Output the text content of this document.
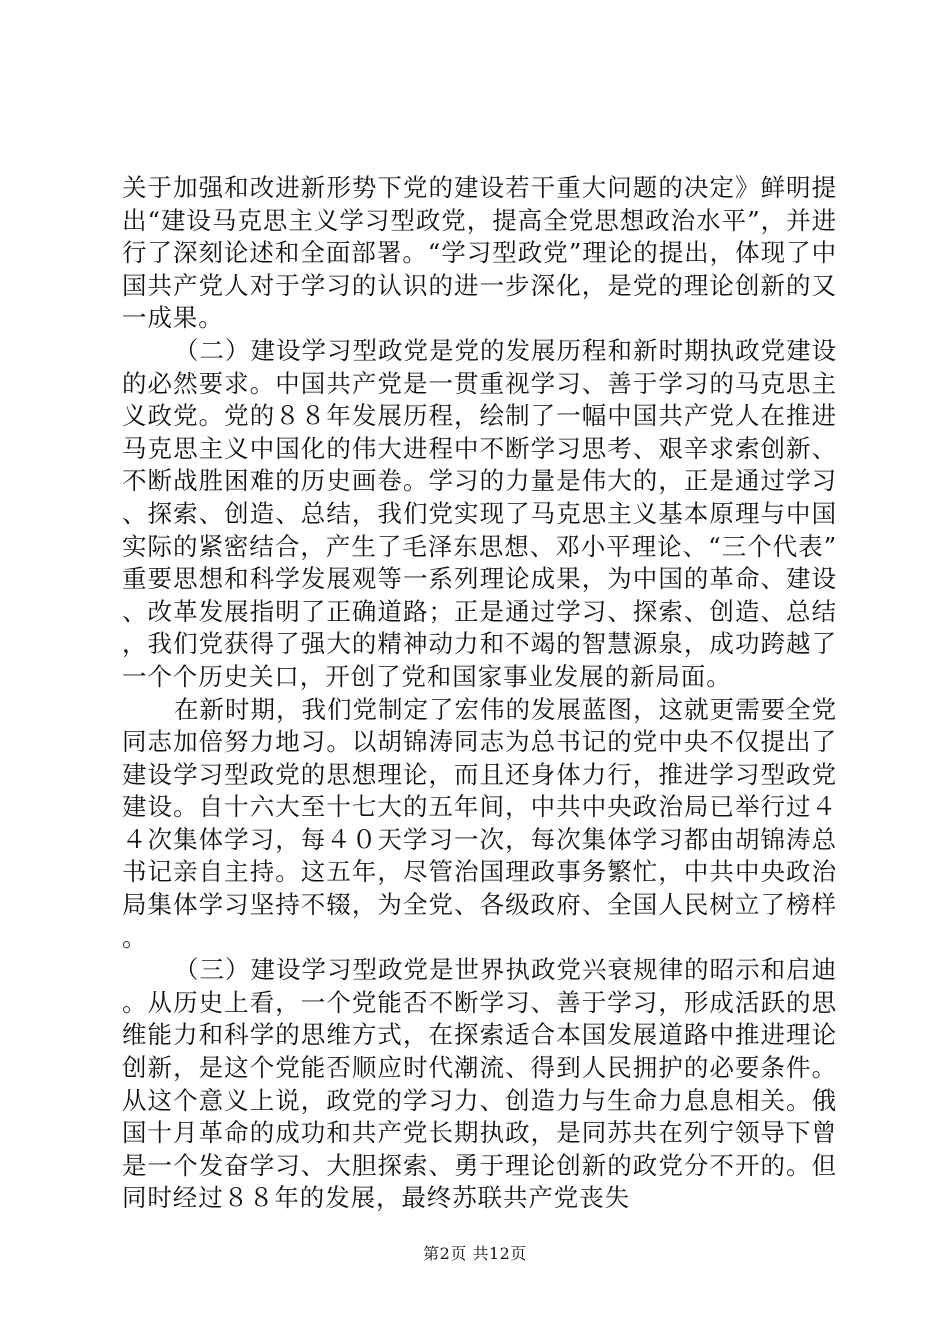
关于加强和改进新形势下党的建设若干重大问题的决定》鲜明提出“建设马克思主义学习型政党，提高全党思想政治水平”，并进行了深刻论述和全面部署。“学习型政党”理论的提出，体现了中国共产党人对于学习的认识的进一步深化，是党的理论创新的又一成果。

（二）建设学习型政党是党的发展历程和新时期执政党建设的必然要求。中国共产党是一贯重视学习、善于学习的马克思主义政党。党的８８年发展历程，绘制了一幅中国共产党人在推进马克思主义中国化的伟大进程中不断学习思考、艰辛求索创新、不断战胜困难的历史画卷。学习的力量是伟大的，正是通过学习、探索、创造、总结，我们党实现了马克思主义基本原理与中国实际的紧密结合，产生了毛泽东思想、邓小平理论、“三个代表”重要思想和科学发展观等一系列理论成果，为中国的革命、建设、改革发展指明了正确道路；正是通过学习、探索、创造、总结，我们党获得了强大的精神动力和不竭的智慧源泉，成功跨越了一个个历史关口，开创了党和国家事业发展的新局面。

在新时期，我们党制定了宏伟的发展蓝图，这就更需要全党同志加倍努力地习。以胡锦涛同志为总书记的党中央不仅提出了建设学习型政党的思想理论，而且还身体力行，推进学习型政党建设。自十六大至十七大的五年间，中共中央政治局已举行过４４次集体学习，每４０天学习一次，每次集体学习都由胡锦涛总书记亲自主持。这五年，尽管治国理政事务繁忙，中共中央政治局集体学习坚持不辍，为全党、各级政府、全国人民树立了榜样。

（三）建设学习型政党是世界执政党兴衰规律的昭示和启迪。从历史上看，一个党能否不断学习、善于学习，形成活跃的思维能力和科学的思维方式，在探索适合本国发展道路中推进理论创新，是这个党能否顺应时代潮流、得到人民拥护的必要条件。从这个意义上说，政党的学习力、创造力与生命力息息相关。俄国十月革命的成功和共产党长期执政，是同苏共在列宁领导下曾是一个发奋学习、大胆探索、勇于理论创新的政党分不开的。但同时经过８８年的发展，最终苏联共产党丧失

第2页 共12页
